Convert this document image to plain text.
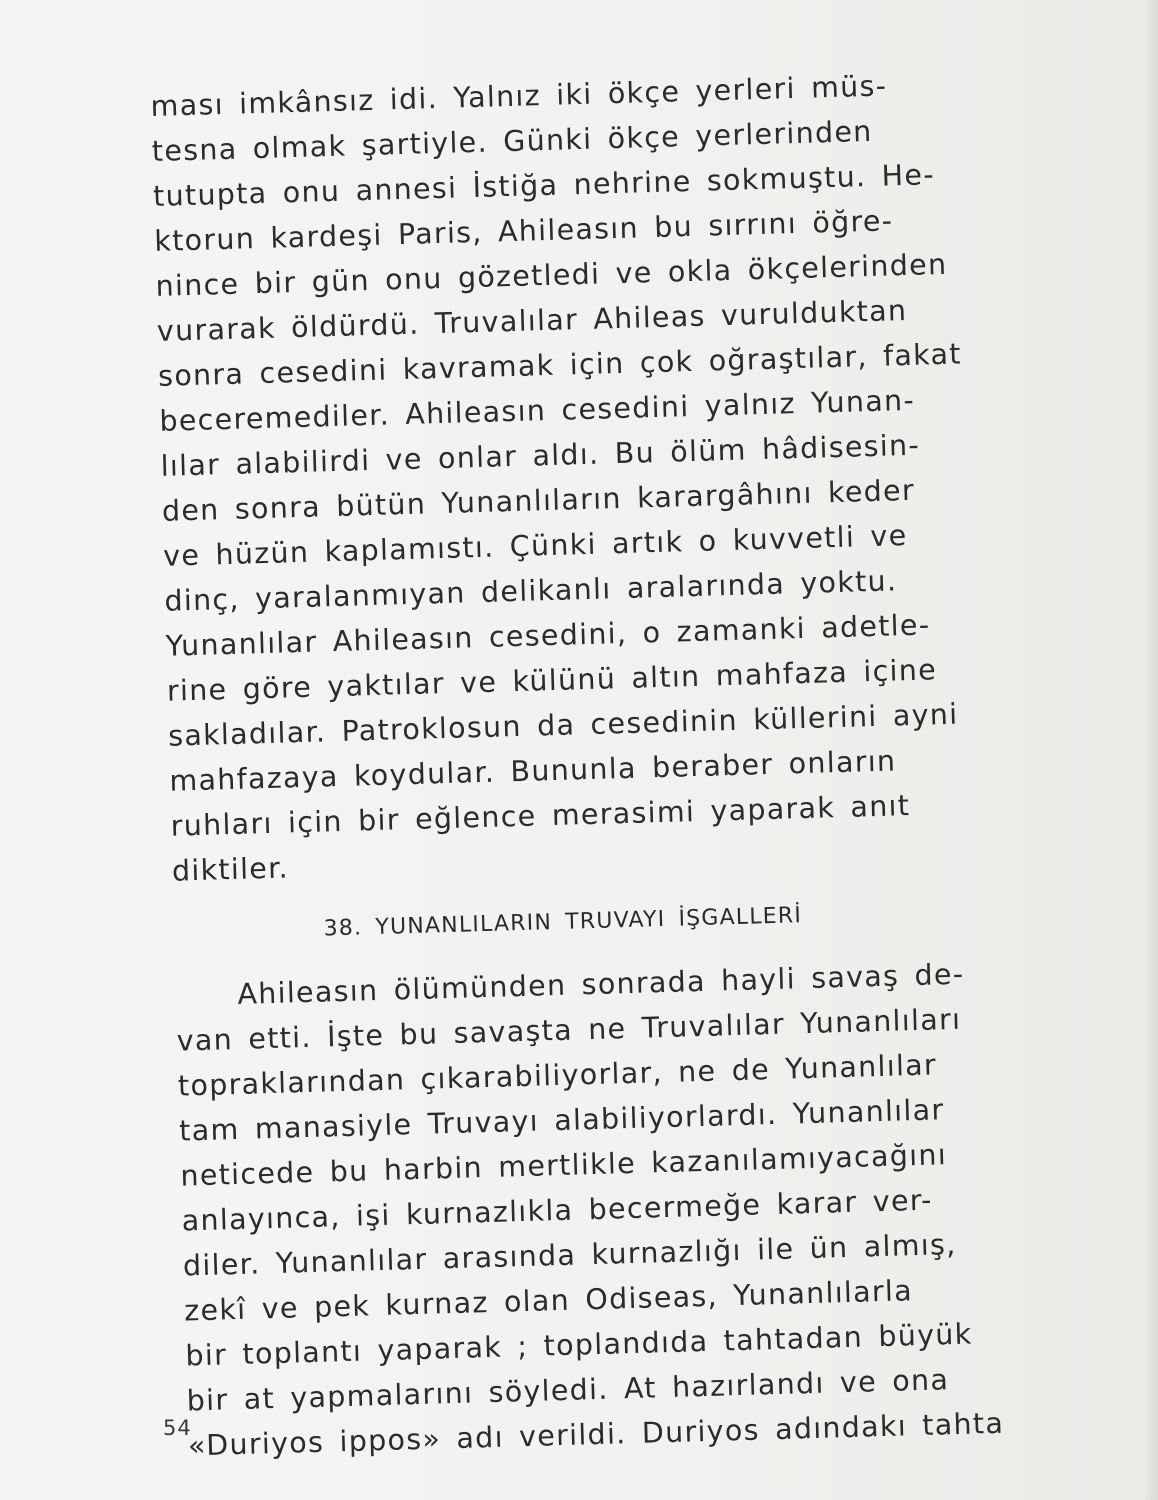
ması imkânsız idi. Yalnız iki ökçe yerleri müs-
tesna olmak şartiyle. Günki ökçe yerlerinden
tutupta onu annesi İstiğa nehrine sokmuştu. He-
ktorun kardeşi Paris, Ahileasın bu sırrını öğre-
nince bir gün onu gözetledi ve okla ökçelerinden
vurarak öldürdü. Truvalılar Ahileas vurulduktan
sonra cesedini kavramak için çok oğraştılar, fakat
beceremediler. Ahileasın cesedini yalnız Yunan-
lılar alabilirdi ve onlar aldı. Bu ölüm hâdisesin-
den sonra bütün Yunanlıların karargâhını keder
ve hüzün kaplamıstı. Çünki artık o kuvvetli ve
dinç, yaralanmıyan delikanlı aralarında yoktu.
Yunanlılar Ahileasın cesedini, o zamanki adetle-
rine göre yaktılar ve külünü altın mahfaza içine
sakladılar. Patroklosun da cesedinin küllerini ayni
mahfazaya koydular. Bununla beraber onların
ruhları için bir eğlence merasimi yaparak anıt
diktiler.
38. YUNANLILARIN TRUVAYI İŞGALLERİ
Ahileasın ölümünden sonrada hayli savaş de-
van etti. İşte bu savaşta ne Truvalılar Yunanlıları
topraklarından çıkarabiliyorlar, ne de Yunanlılar
tam manasiyle Truvayı alabiliyorlardı. Yunanlılar
neticede bu harbin mertlikle kazanılamıyacağını
anlayınca, işi kurnazlıkla becermeğe karar ver-
diler. Yunanlılar arasında kurnazlığı ile ün almış,
zekî ve pek kurnaz olan Odiseas, Yunanlılarla
bir toplantı yaparak ; toplandıda tahtadan büyük
bir at yapmalarını söyledi. At hazırlandı ve ona
«Duriyos ippos» adı verildi. Duriyos adındakı tahta
54
